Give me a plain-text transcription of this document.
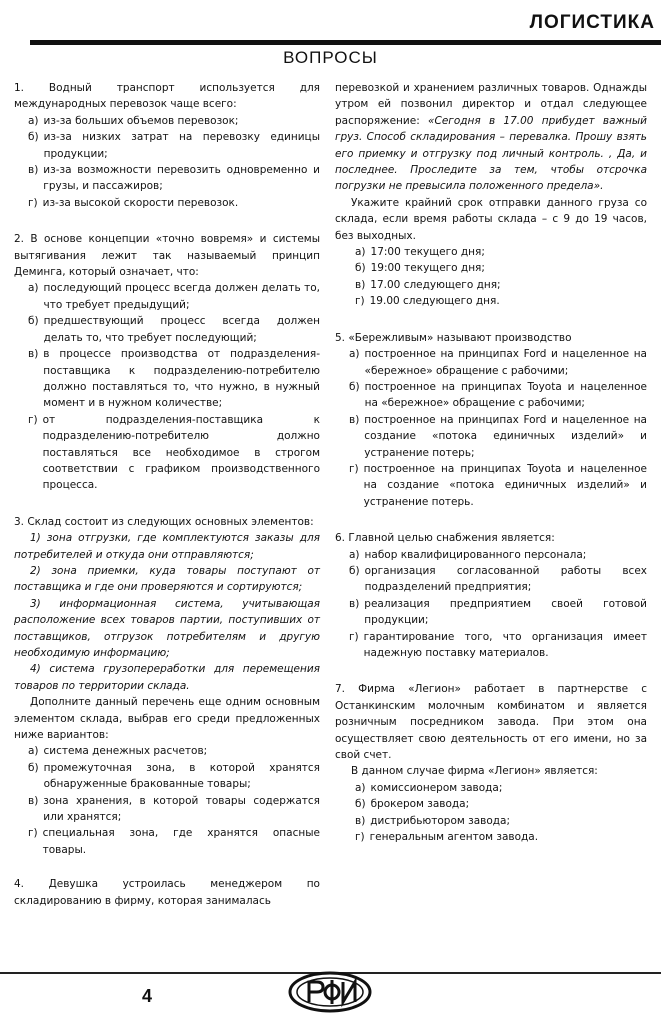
ЛОГИСТИКА
ВОПРОСЫ

1. Водный транспорт используется для международных перевозок чаще всего:

а) из-за больших объемов перевозок;
б) из-за низких затрат на перевозку единицы продукции;
в) из-за возможности перевозить одновременно и грузы, и пассажиров;
г) из-за высокой скорости перевозок.

2. В основе концепции «точно вовремя» и системы вытягивания лежит так называемый принцип Деминга, который означает, что:

а) последующий процесс всегда должен делать то, что требует предыдущий;
б) предшествующий процесс всегда должен делать то, что требует последующий;
в) в процессе производства от подразделения-поставщика к подразделению-потребителю должно поставляться то, что нужно, в нужный момент и в нужном количестве;
г) от подразделения-поставщика к подразделению-потребителю должно поставляться все необходимое в строгом соответствии с графиком производственного процесса.

3. Склад состоит из следующих основных элементов:

1) зона отгрузки, где комплектуются заказы для потребителей и откуда они отправляются;

2) зона приемки, куда товары поступают от поставщика и где они проверяются и сортируются;

3) информационная система, учитывающая расположение всех товаров партии, поступивших от поставщиков, отгрузок потребителям и другую необходимую информацию;

4) система грузопереработки для перемещения товаров по территории склада.

Дополните данный перечень еще одним основным элементом склада, выбрав его среди предложенных ниже вариантов:

а) система денежных расчетов;
б) промежуточная зона, в которой хранятся обнаруженные бракованные товары;
в) зона хранения, в которой товары содержатся или хранятся;
г) специальная зона, где хранятся опасные товары.

4. Девушка устроилась менеджером по складированию в фирму, которая занималась

перевозкой и хранением различных товаров. Однажды утром ей позвонил директор и отдал следующее распоряжение: «Сегодня в 17.00 прибудет важный груз. Способ складирования – перевалка. Прошу взять его приемку и отгрузку под личный контроль. ‚ Да, и последнее. Проследите за тем, чтобы отсрочка погрузки не превысила положенного предела».

Укажите крайний срок отправки данного груза со склада, если время работы склада – с 9 до 19 часов, без выходных.

а) 17:00 текущего дня;
б) 19:00 текущего дня;
в) 17.00 следующего дня;
г) 19.00 следующего дня.

5. «Бережливым» называют производство

а) построенное на принципах Ford и нацеленное на «бережное» обращение с рабочими;
б) построенное на принципах Toyota и нацеленное на «бережное» обращение с рабочими;
в) построенное на принципах Ford и нацеленное на создание «потока единичных изделий» и устранение потерь;
г) построенное на принципах Toyota и нацеленное на создание «потока единичных изделий» и устранение потерь.

6. Главной целью снабжения является:

а) набор квалифицированного персонала;
б) организация согласованной работы всех подразделений предприятия;
в) реализация предприятием своей готовой продукции;
г) гарантирование того, что организация имеет надежную поставку материалов.

7. Фирма «Легион» работает в партнерстве с Останкинским молочным комбинатом и является розничным посредником завода. При этом она осуществляет свою деятельность от его имени, но за свой счет.

В данном случае фирма «Легион» является:

а) комиссионером завода;
б) брокером завода;
в) дистрибьютором завода;
г) генеральным агентом завода.
4
